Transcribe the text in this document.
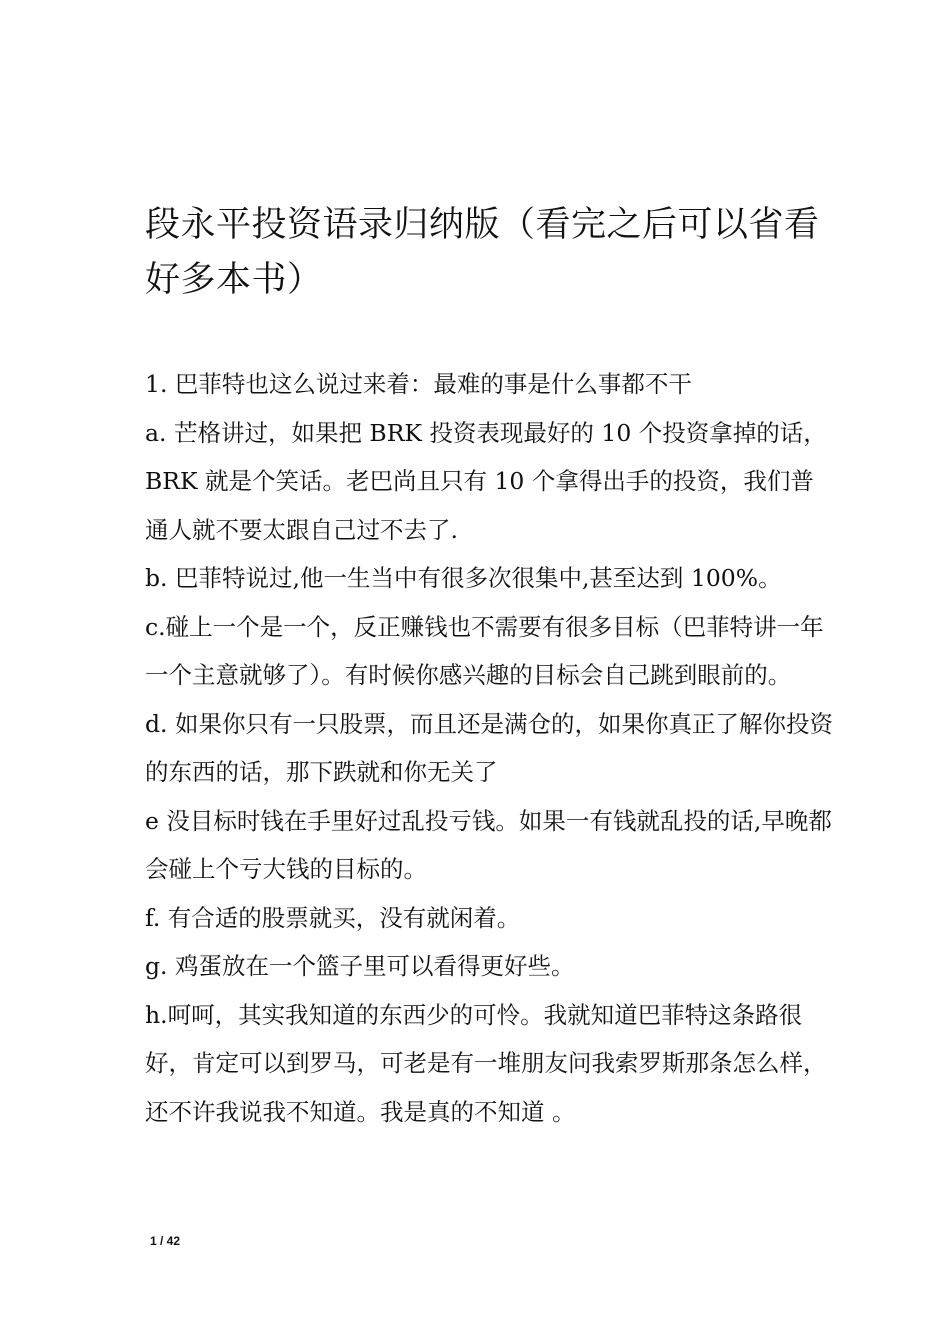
段永平投资语录归纳版（看完之后可以省看好多本书）

1. 巴菲特也这么说过来着：最难的事是什么事都不干

a. 芒格讲过，如果把 BRK 投资表现最好的 10 个投资拿掉的话，BRK 就是个笑话。老巴尚且只有 10 个拿得出手的投资，我们普通人就不要太跟自己过不去了.

b. 巴菲特说过,他一生当中有很多次很集中,甚至达到 100%。

c.碰上一个是一个，反正赚钱也不需要有很多目标（巴菲特讲一年一个主意就够了）。有时候你感兴趣的目标会自己跳到眼前的。

d. 如果你只有一只股票，而且还是满仓的，如果你真正了解你投资的东西的话，那下跌就和你无关了

e 没目标时钱在手里好过乱投亏钱。如果一有钱就乱投的话,早晚都会碰上个亏大钱的目标的。

f. 有合适的股票就买，没有就闲着。

g. 鸡蛋放在一个篮子里可以看得更好些。

h.呵呵，其实我知道的东西少的可怜。我就知道巴菲特这条路很好，肯定可以到罗马，可老是有一堆朋友问我索罗斯那条怎么样，还不许我说我不知道。我是真的不知道 。

1 / 42
